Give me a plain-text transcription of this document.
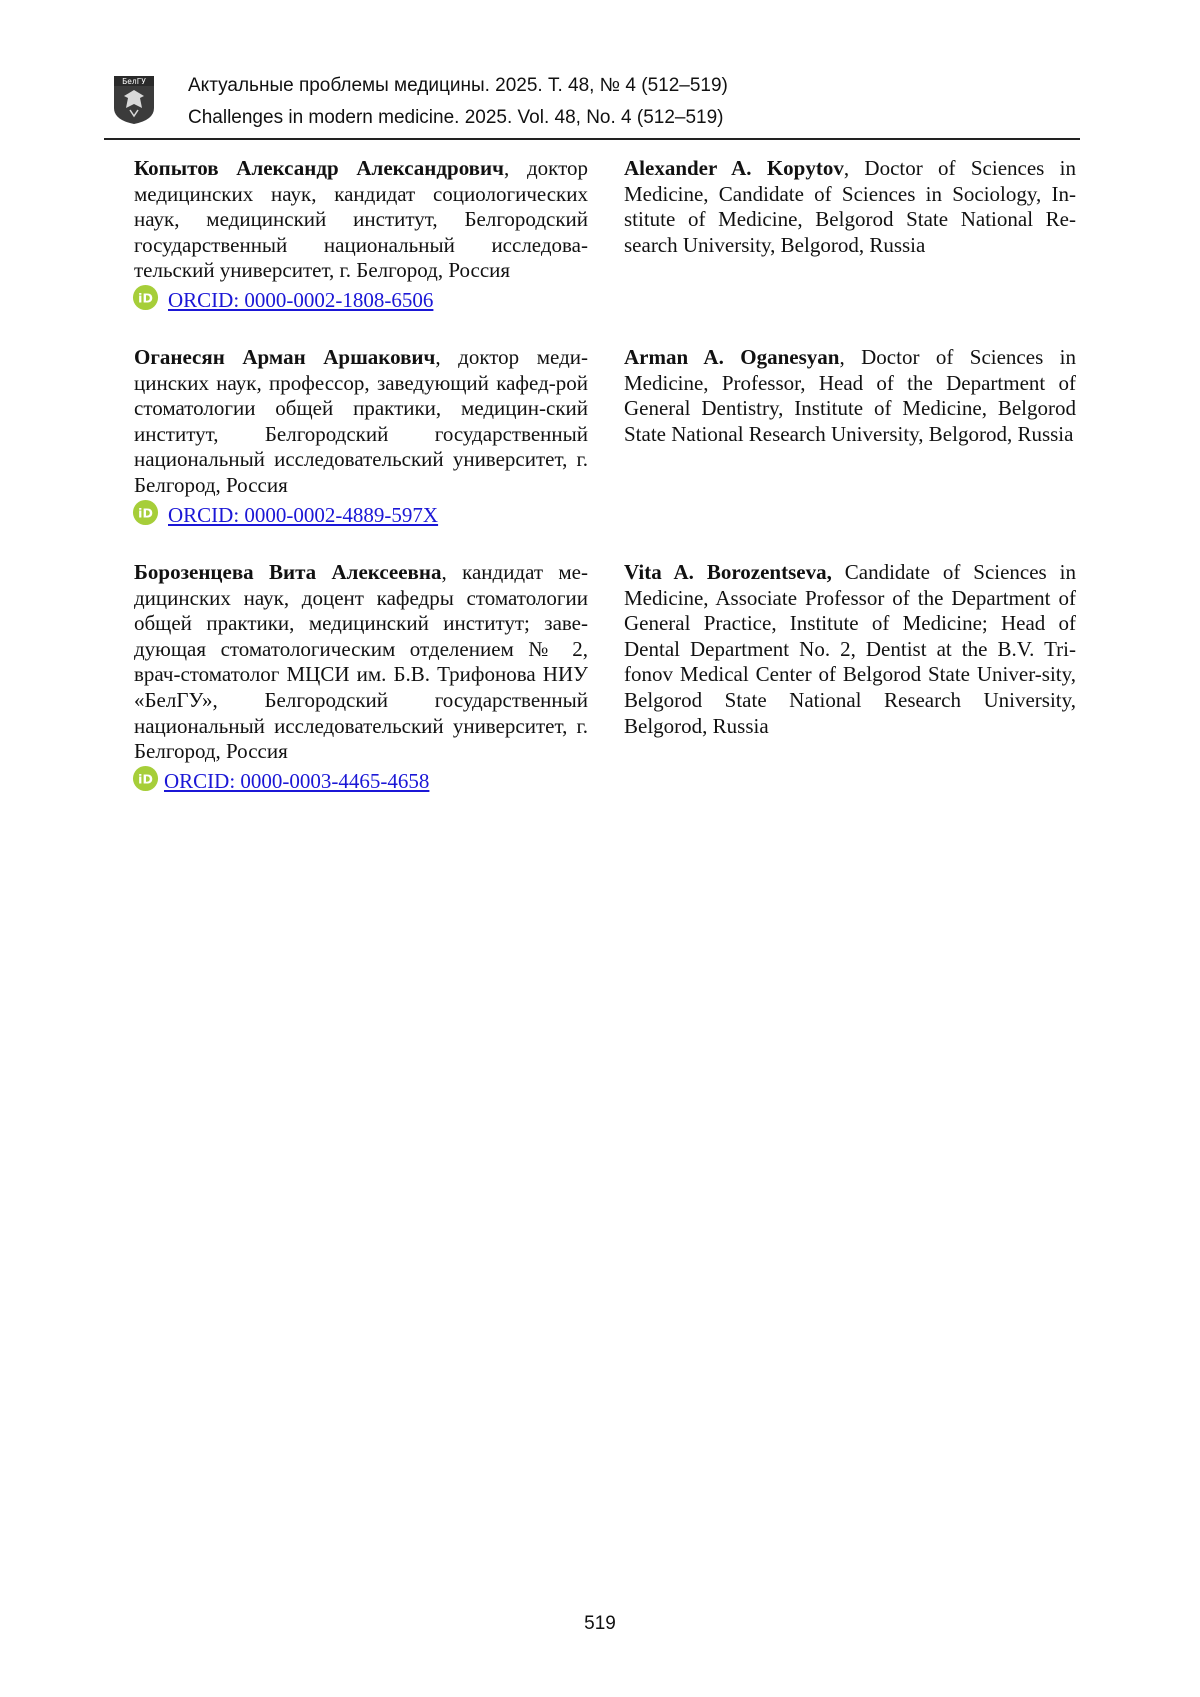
БелГУ Актуальные проблемы медицины. 2025. Т. 48, № 4 (512–519)
Challenges in modern medicine. 2025. Vol. 48, No. 4 (512–519)
Копытов Александр Александрович, доктор медицинских наук, кандидат социологических наук, медицинский институт, Белгородский государственный национальный исследова-тельский университет, г. Белгород, Россия
iD ORCID: 0000-0002-1808-6506
Alexander A. Kopytov, Doctor of Sciences in Medicine, Candidate of Sciences in Sociology, In-stitute of Medicine, Belgorod State National Re-search University, Belgorod, Russia
Оганесян Арман Аршакович, доктор меди-цинских наук, профессор, заведующий кафед-рой стоматологии общей практики, медицин-ский институт, Белгородский государственный национальный исследовательский университет, г. Белгород, Россия
iD ORCID: 0000-0002-4889-597X
Arman A. Oganesyan, Doctor of Sciences in Medicine, Professor, Head of the Department of General Dentistry, Institute of Medicine, Belgorod State National Research University, Belgorod, Russia
Борозенцева Вита Алексеевна, кандидат ме-дицинских наук, доцент кафедры стоматологии общей практики, медицинский институт; заве-дующая стоматологическим отделением № 2, врач-стоматолог МЦСИ им. Б.В. Трифонова НИУ «БелГУ», Белгородский государственный национальный исследовательский университет, г. Белгород, Россия
iD ORCID: 0000-0003-4465-4658
Vita A. Borozentseva, Candidate of Sciences in Medicine, Associate Professor of the Department of General Practice, Institute of Medicine; Head of Dental Department No. 2, Dentist at the B.V. Tri-fonov Medical Center of Belgorod State Univer-sity, Belgorod State National Research University, Belgorod, Russia
519
